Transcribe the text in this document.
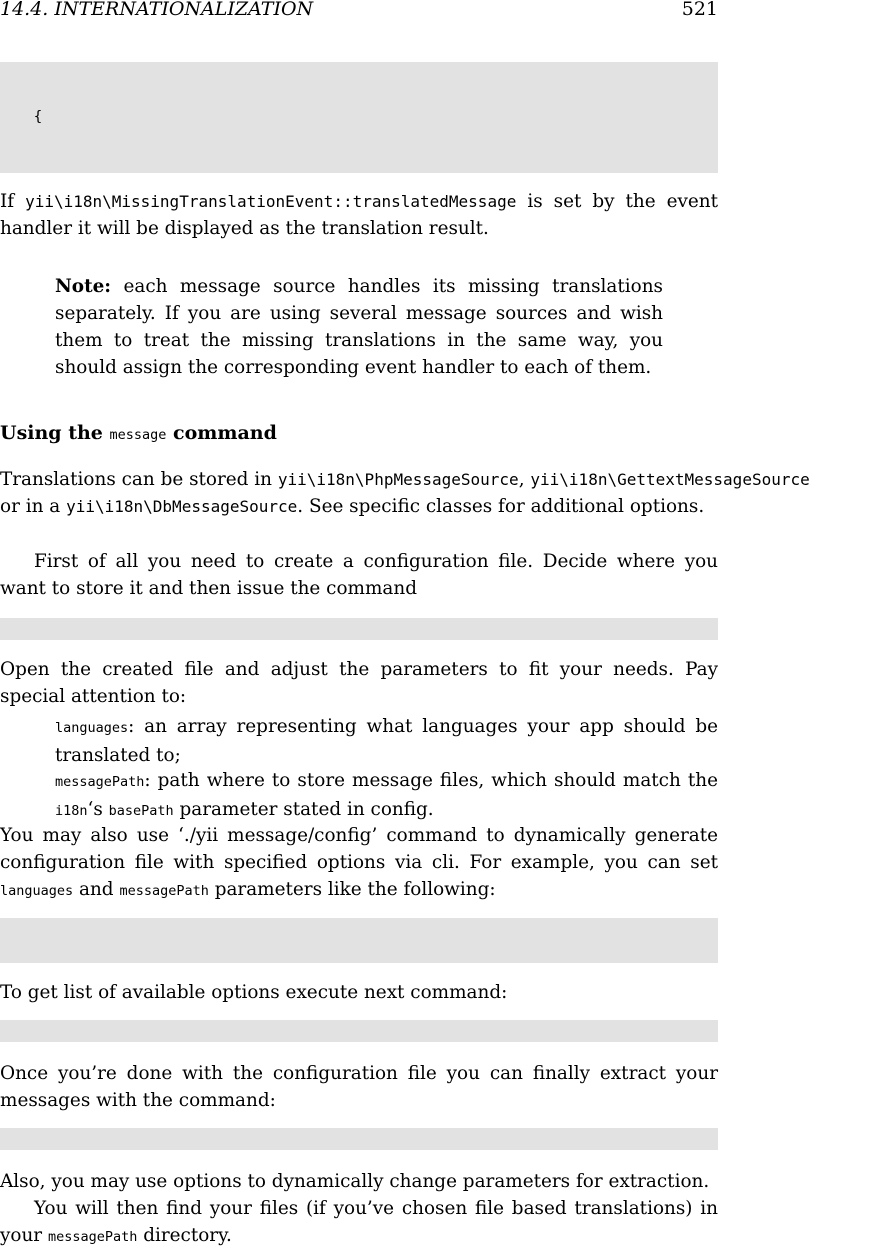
14.4. INTERNATIONALIZATION	521

{

If yii\i18n\MissingTranslationEvent::translatedMessage is set by the event handler it will be displayed as the translation result.
Note: each message source handles its missing translations separately. If you are using several message sources and wish them to treat the missing translations in the same way, you should assign the corresponding event handler to each of them.
Using the message command
Translations can be stored in yii\i18n\PhpMessageSource, yii\i18n\GettextMessageSource
or in a yii\i18n\DbMessageSource. See specific classes for additional options.
First of all you need to create a configuration file. Decide where you want to store it and then issue the command

Open the created file and adjust the parameters to fit your needs. Pay special attention to:
languages: an array representing what languages your app should be translated to;
messagePath: path where to store message files, which should match the i18n‘s basePath parameter stated in config.
You may also use ‘./yii message/config’ command to dynamically generate configuration file with specified options via cli. For example, you can set languages and messagePath parameters like the following:

To get list of available options execute next command:

Once you’re done with the configuration file you can finally extract your messages with the command:

Also, you may use options to dynamically change parameters for extraction.
You will then find your files (if you’ve chosen file based translations) in your messagePath directory.
